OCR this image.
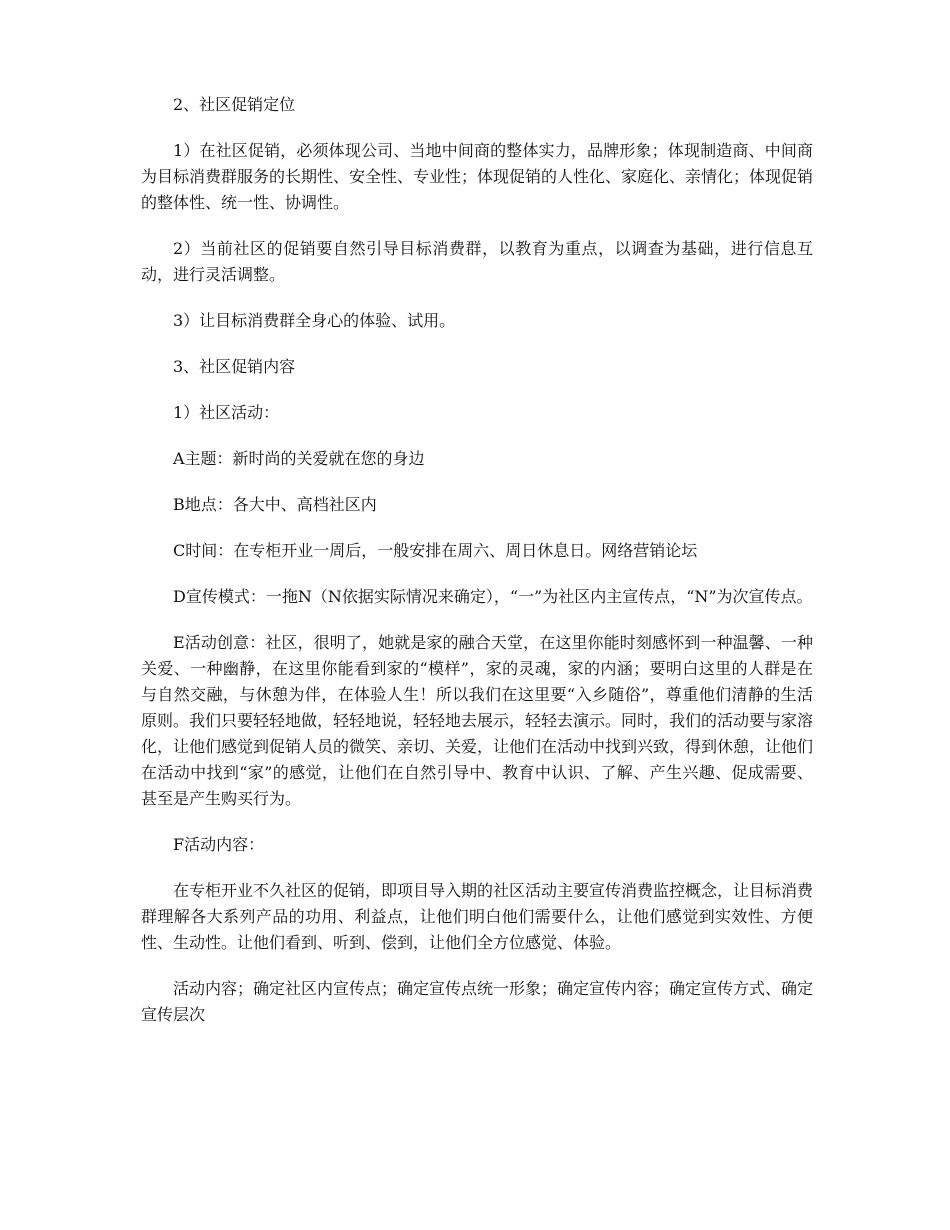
2、社区促销定位

1）在社区促销，必须体现公司、当地中间商的整体实力，品牌形象；体现制造商、中间商为目标消费群服务的长期性、安全性、专业性；体现促销的人性化、家庭化、亲情化；体现促销的整体性、统一性、协调性。

2）当前社区的促销要自然引导目标消费群，以教育为重点，以调查为基础，进行信息互动，进行灵活调整。

3）让目标消费群全身心的体验、试用。

3、社区促销内容

1）社区活动：

A主题：新时尚的关爱就在您的身边

B地点：各大中、高档社区内

C时间：在专柜开业一周后，一般安排在周六、周日休息日。网络营销论坛

D宣传模式：一拖N（N依据实际情况来确定），“一”为社区内主宣传点，“N”为次宣传点。

E活动创意：社区，很明了，她就是家的融合天堂，在这里你能时刻感怀到一种温馨、一种关爱、一种幽静，在这里你能看到家的“模样”，家的灵魂，家的内涵；要明白这里的人群是在与自然交融，与休憩为伴，在体验人生！所以我们在这里要“入乡随俗”，尊重他们清静的生活原则。我们只要轻轻地做，轻轻地说，轻轻地去展示，轻轻去演示。同时，我们的活动要与家溶化，让他们感觉到促销人员的微笑、亲切、关爱，让他们在活动中找到兴致，得到休憩，让他们在活动中找到“家”的感觉，让他们在自然引导中、教育中认识、了解、产生兴趣、促成需要、甚至是产生购买行为。

F活动内容：

在专柜开业不久社区的促销，即项目导入期的社区活动主要宣传消费监控概念，让目标消费群理解各大系列产品的功用、利益点，让他们明白他们需要什么，让他们感觉到实效性、方便性、生动性。让他们看到、听到、偿到，让他们全方位感觉、体验。

活动内容；确定社区内宣传点；确定宣传点统一形象；确定宣传内容；确定宣传方式、确定宣传层次
